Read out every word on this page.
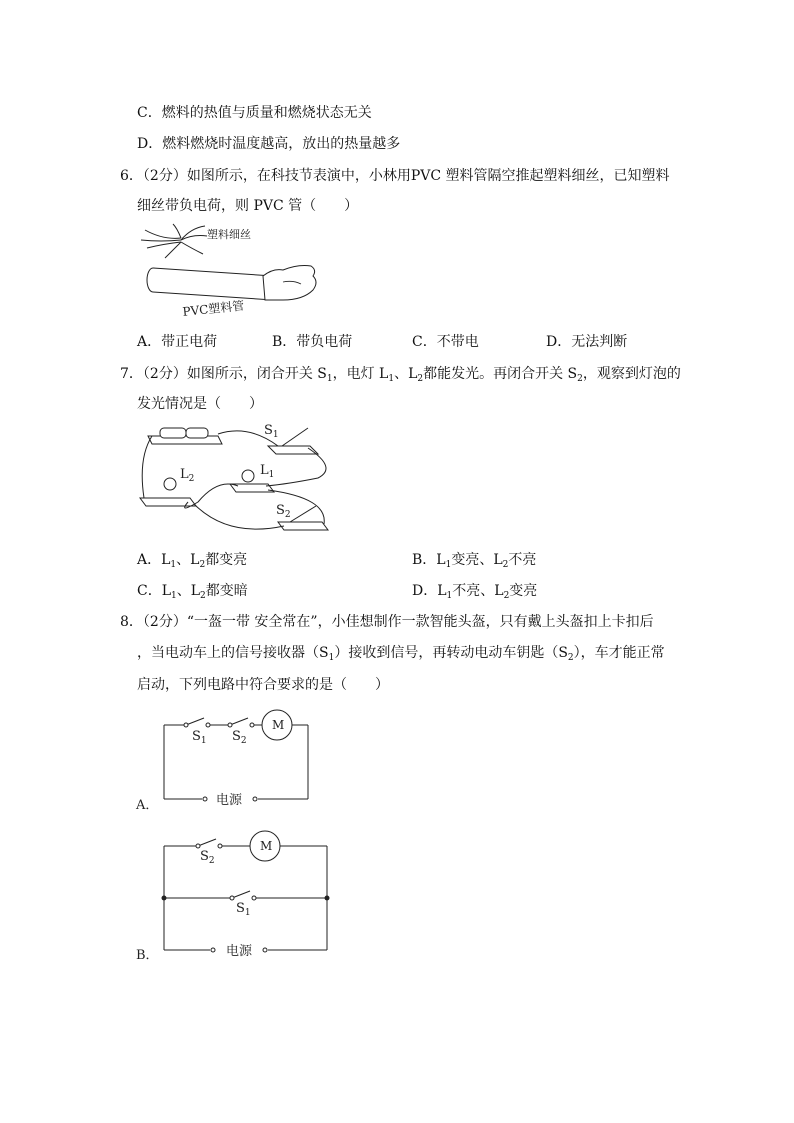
C．燃料的热值与质量和燃烧状态无关
D．燃料燃烧时温度越高，放出的热量越多
6．（2分）如图所示，在科技节表演中，小林用PVC 塑料管隔空推起塑料细丝，已知塑料
细丝带负电荷，则 PVC 管（　　）
塑料细丝
PVC塑料管
A．带正电荷	B．带负电荷	C．不带电	D．无法判断
7．（2分）如图所示，闭合开关 $S_1$，电灯 $L_1$、$L_2$都能发光。再闭合开关 $S_2$，观察到灯泡的
发光情况是（　　）
$S_1$
$L_1$
$L_2$
$S_2$
A．$L_1$、$L_2$都变亮	B．$L_1$变亮、$L_2$不亮
C．$L_1$、$L_2$都变暗	D．$L_1$不亮、$L_2$变亮
8．（2分）“一盔一带 安全常在”，小佳想制作一款智能头盔，只有戴上头盔扣上卡扣后
，当电动车上的信号接收器$(S_1)$接收到信号，再转动电动车钥匙$(S_2)$，车才能正常
启动，下列电路中符合要求的是（　　）
M
$S_1$ $S_2$
电源
A．
M
$S_2$
$S_1$
电源
B．
